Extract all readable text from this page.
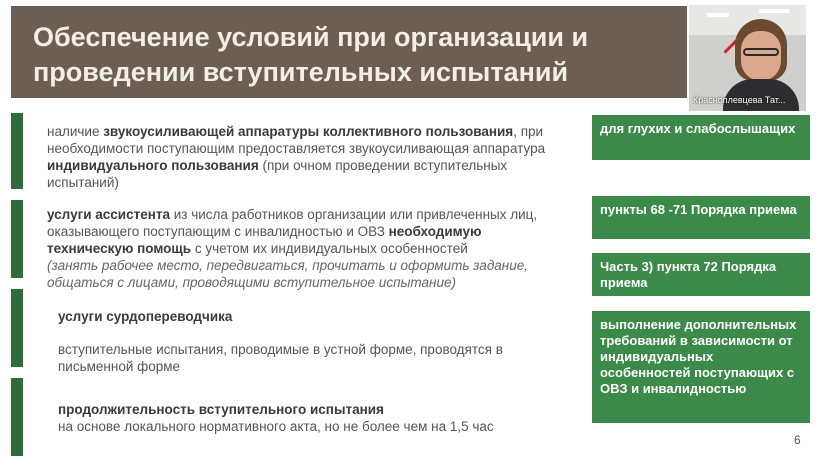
Обеспечение условий при организации и проведении вступительных испытаний
Красноплевцева Тат...
наличие звукоусиливающей аппаратуры коллективного пользования, при необходимости поступающим предоставляется звукоусиливающая аппаратура индивидуального пользования (при очном проведении вступительных испытаний)
услуги ассистента из числа работников организации или привлеченных лиц, оказывающего поступающим с инвалидностью и ОВЗ необходимую техническую помощь с учетом их индивидуальных особенностей
(занять рабочее место, передвигаться, прочитать и оформить задание, общаться с лицами, проводящими вступительное испытание)
услуги сурдопереводчика
вступительные испытания, проводимые в устной форме, проводятся в письменной форме
продолжительность вступительного испытания
на основе локального нормативного акта, но не более чем на 1,5 час
для глухих и слабослышащих
пункты 68 -71 Порядка приема
Часть 3) пункта 72 Порядка приема
выполнение дополнительных требований в зависимости от индивидуальных особенностей поступающих с ОВЗ и инвалидностью
6
